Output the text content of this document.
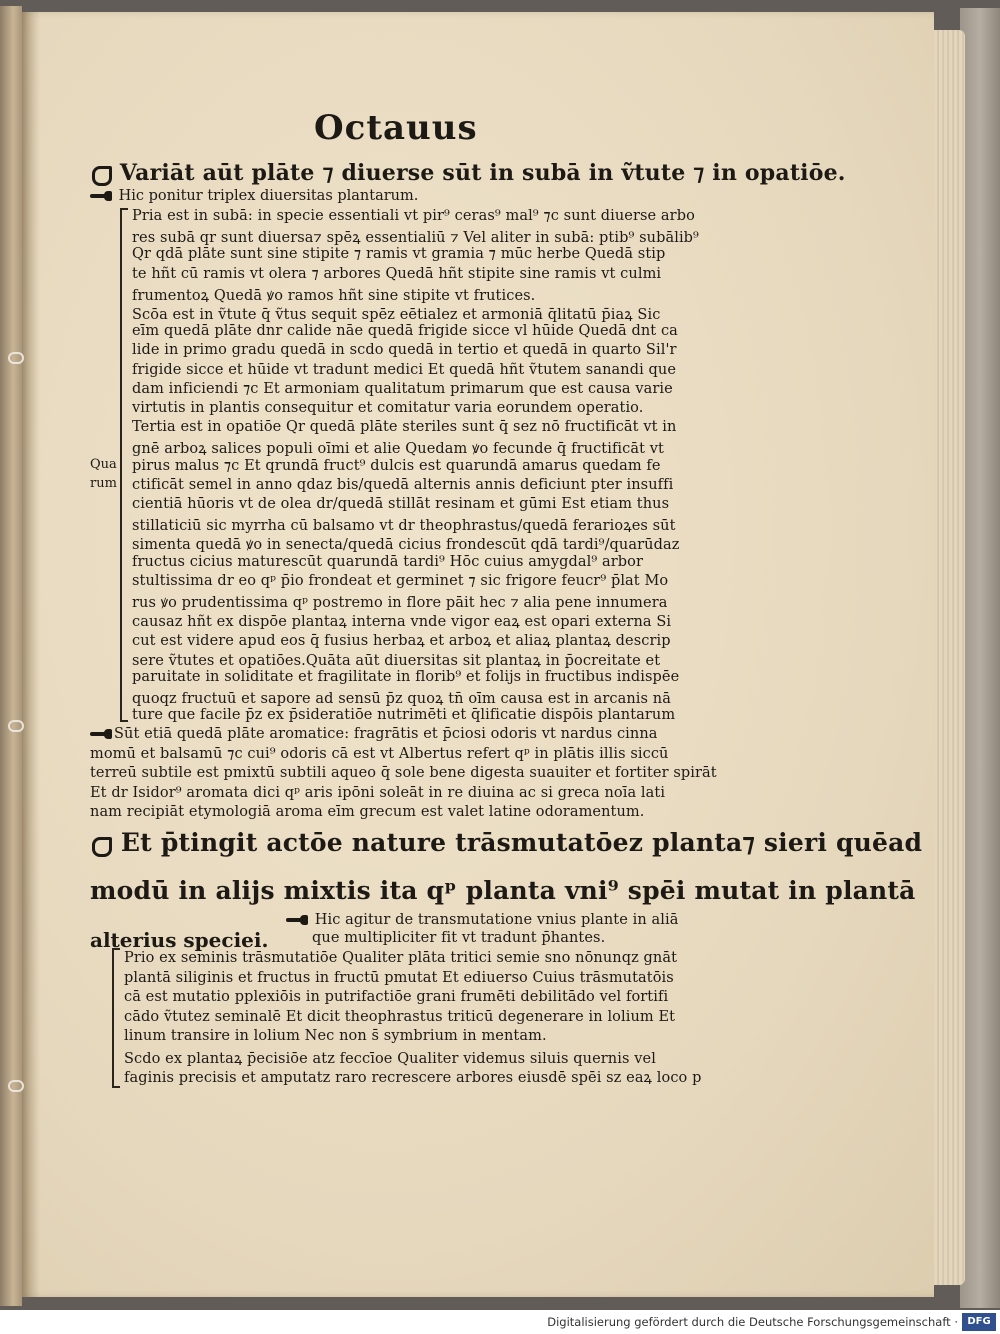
Octauus
Variāt aūt plāte ⁊ diuerse sūt in subā in ṽtute ⁊ in opatiōe.
Hic ponitur triplex diuersitas plantarum.
Pria est in subā: in specie essentiali vt pir⁹ ceras⁹ mal⁹ ⁊c sunt diuerse arbo
res subā qr sunt diuersa⁊ spēꝝ essentialiū ⁊ Vel aliter in subā: ptib⁹ subālib⁹
Qr qdā plāte sunt sine stipite ⁊ ramis vt gramia ⁊ mūc herbe Quedā stip
te hñt cū ramis vt olera ⁊ arbores Quedā hñt stipite sine ramis vt culmi
frumentoꝝ Quedā ꝟo ramos hñt sine stipite vt frutices.
Scōa est in ṽtute q̄ ṽtus sequit spēz eētialez et armoniā q̄litatū p̄iaꝝ Sic
eīm quedā plāte dnr calide nāe quedā frigide sicce vl hūide Quedā dnt ca
lide in primo gradu quedā in scdo quedā in tertio et quedā in quarto Sil'r
frigide sicce et hūide vt tradunt medici Et quedā hñt ṽtutem sanandi que
dam inficiendi ⁊c Et armoniam qualitatum primarum que est causa varie
virtutis in plantis consequitur et comitatur varia eorundem operatio.
Tertia est in opatiōe Qr quedā plāte steriles sunt q̄ sez nō fructificāt vt in
gnē arboꝝ salices populi oīmi et alie Quedam ꝟo fecunde q̄ fructificāt vt
pirus malus ⁊c Et qrundā fruct⁹ dulcis est quarundā amarus quedam fe
ctificāt semel in anno qdaz bis/quedā alternis annis deficiunt pter insuffi
cientiā hūoris vt de olea dr/quedā stillāt resinam et gūmi Est etiam thus
stillaticiū sic myrrha cū balsamo vt dr theophrastus/quedā ferarioꝝes sūt
simenta quedā ꝟo in senecta/quedā cicius frondescūt qdā tardi⁹/quarūdaz
fructus cicius maturescūt quarundā tardi⁹ Hōc cuius amygdal⁹ arbor
stultissima dr eo qᵖ p̄io frondeat et germinet ⁊ sic frigore feucr⁹ p̄lat Mo
rus ꝟo prudentissima qᵖ postremo in flore pāit hec ⁊ alia pene innumera
causaz hñt ex dispōe plantaꝝ interna vnde vigor eaꝝ est opari externa Si
cut est videre apud eos q̄ fusius herbaꝝ et arboꝝ et aliaꝝ plantaꝝ descrip
sere ṽtutes et opatiōes.Quāta aūt diuersitas sit plantaꝝ in p̄ocreitate et
paruitate in soliditate et fragilitate in florib⁹ et folijs in fructibus indispēe
quoqz fructuū et sapore ad sensū p̄z quoꝝ tn̄ oīm causa est in arcanis nā
ture que facile p̄z ex p̄sideratiōe nutrimēti et q̄lificatie dispōis plantarum
Qua
rum
Sūt etiā quedā plāte aromatice: fragrātis et p̄ciosi odoris vt nardus cinna
momū et balsamū ⁊c cui⁹ odoris cā est vt Albertus refert qᵖ in plātis illis siccū
terreū subtile est pmixtū subtili aqueo q̄ sole bene digesta suauiter et fortiter spirāt
Et dr Isidor⁹ aromata dici qᵖ aris ipōni soleāt in re diuina ac si greca noīa lati
nam recipiāt etymologiā aroma eīm grecum est valet latine odoramentum.
Et p̄tingit actōe nature trāsmutatōez planta⁊ sieri quēad
modū in alijs mixtis ita qᵖ planta vni⁹ spēi mutat in plantā
alterius speciei.
Hic agitur de transmutatione vnius plante in aliā
que multipliciter fit vt tradunt p̄hantes.
Prio ex seminis trāsmutatiōe Qualiter plāta tritici semie sno nōnunqz gnāt
plantā siliginis et fructus in fructū pmutat Et ediuerso Cuius trāsmutatōis
cā est mutatio pplexiōis in putrifactiōe grani frumēti debilitādo vel fortifi
cādo ṽtutez seminalē Et dicit theophrastus triticū degenerare in lolium Et
linum transire in lolium Nec non s̄ symbrium in mentam.
Scdo ex plantaꝝ p̄ecisiōe atz feccīoe Qualiter videmus siluis quernis vel
faginis precisis et amputatz raro recrescere arbores eiusdē spēi sz eaꝝ loco p
Digitalisierung gefördert durch die Deutsche Forschungsgemeinschaft · DFG
